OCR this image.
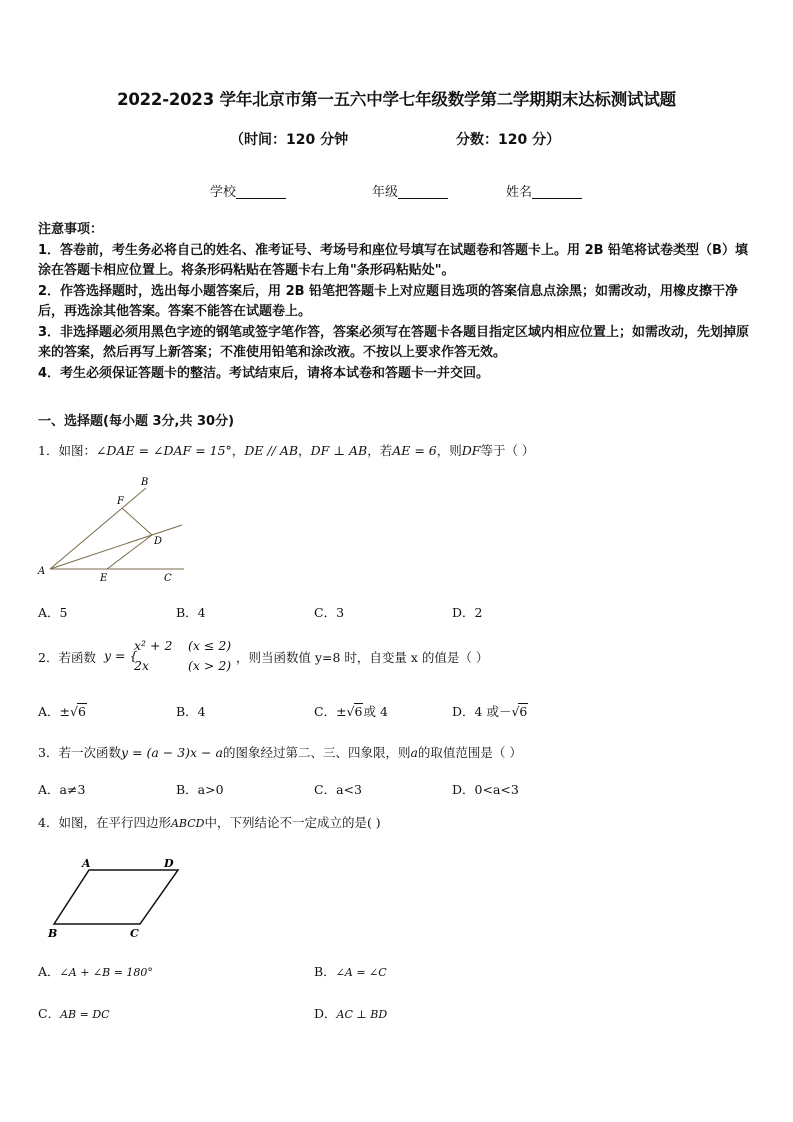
2022-2023 学年北京市第一五六中学七年级数学第二学期期末达标测试试题
（时间：120 分钟	分数：120 分）
学校	年级	姓名
注意事项：
1．答卷前，考生务必将自己的姓名、准考证号、考场号和座位号填写在试题卷和答题卡上。用 2B 铅笔将试卷类型（B）填涂在答题卡相应位置上。将条形码粘贴在答题卡右上角"条形码粘贴处"。
2．作答选择题时，选出每小题答案后，用 2B 铅笔把答题卡上对应题目选项的答案信息点涂黑；如需改动，用橡皮擦干净后，再选涂其他答案。答案不能答在试题卷上。
3．非选择题必须用黑色字迹的钢笔或签字笔作答，答案必须写在答题卡各题目指定区域内相应位置上；如需改动，先划掉原来的答案，然后再写上新答案；不准使用铅笔和涂改液。不按以上要求作答无效。
4．考生必须保证答题卡的整洁。考试结束后，请将本试卷和答题卡一并交回。
一、选择题(每小题 3分,共 30分)
1．如图：∠DAE = ∠DAF = 15°，DE // AB，DF ⊥ AB，若AE = 6，则DF等于（ ）
A
B
F
D
E	C
A．5	B．4	C．3	D．2
2．若函数 y = {
x² + 2 (x ≤ 2)
2x	(x > 2)
，则当函数值 y=8 时，自变量 x 的值是（ ）
A．±√6	B．4	C．±√6或 4	D．4 或－√6
3．若一次函数y = (a − 3)x − a的图象经过第二、三、四象限，则a的取值范围是（ ）
A．a≠3	B．a>0	C．a<3	D．0<a<3
4．如图，在平行四边形ABCD中，下列结论不一定成立的是( )
A	D
B	C
A．∠A + ∠B = 180°	B．∠A = ∠C
C．AB = DC	D．AC ⊥ BD
